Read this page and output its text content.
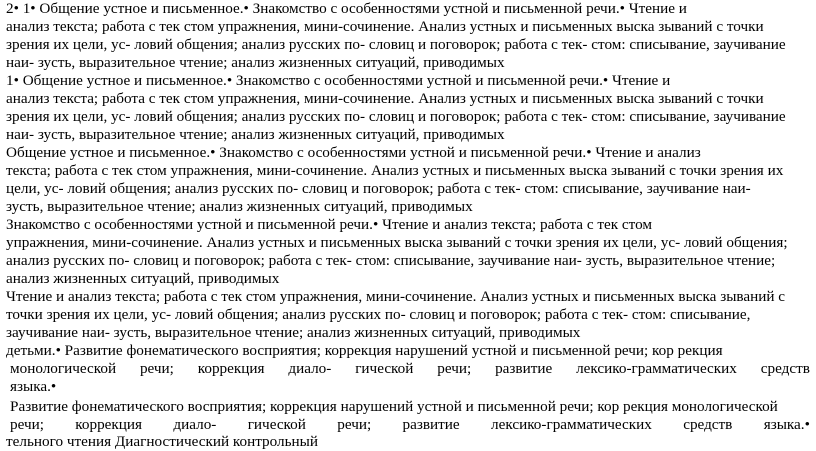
2• 1• Общение устное и письменное.• Знакомство с особенностями устной и письменной речи.• Чтение и
анализ текста; работа с тек стом упражнения, мини-сочинение. Анализ устных и письменных выска зываний с точки
зрения их цели, ус- ловий общения; анализ русских по- словиц и поговорок; работа с тек- стом: списывание, заучивание
наи- зусть, выразительное чтение; анализ жизненных ситуаций, приводимых
1• Общение устное и письменное.• Знакомство с особенностями устной и письменной речи.• Чтение и
анализ текста; работа с тек стом упражнения, мини-сочинение. Анализ устных и письменных выска зываний с точки
зрения их цели, ус- ловий общения; анализ русских по- словиц и поговорок; работа с тек- стом: списывание, заучивание
наи- зусть, выразительное чтение; анализ жизненных ситуаций, приводимых
Общение устное и письменное.• Знакомство с особенностями устной и письменной речи.• Чтение и анализ
текста; работа с тек стом упражнения, мини-сочинение. Анализ устных и письменных выска зываний с точки зрения их
цели, ус- ловий общения; анализ русских по- словиц и поговорок; работа с тек- стом: списывание, заучивание наи-
зусть, выразительное чтение; анализ жизненных ситуаций, приводимых
Знакомство с особенностями устной и письменной речи.• Чтение и анализ текста; работа с тек стом
упражнения, мини-сочинение. Анализ устных и письменных выска зываний с точки зрения их цели, ус- ловий общения;
анализ русских по- словиц и поговорок; работа с тек- стом: списывание, заучивание наи- зусть, выразительное чтение;
анализ жизненных ситуаций, приводимых
Чтение и анализ текста; работа с тек стом упражнения, мини-сочинение. Анализ устных и письменных выска зываний с
точки зрения их цели, ус- ловий общения; анализ русских по- словиц и поговорок; работа с тек- стом: списывание,
заучивание наи- зусть, выразительное чтение; анализ жизненных ситуаций, приводимых
детьми.• Развитие фонематического восприятия; коррекция нарушений устной и письменной речи; кор рекция
монологической речи; коррекция диало- гической речи; развитие лексико-грамматических средств
языка.•
Развитие фонематического восприятия; коррекция нарушений устной и письменной речи; кор рекция монологической
речи; коррекция диало- гической речи; развитие лексико-грамматических средств языка.•
тельного чтения Диагностический контрольный
